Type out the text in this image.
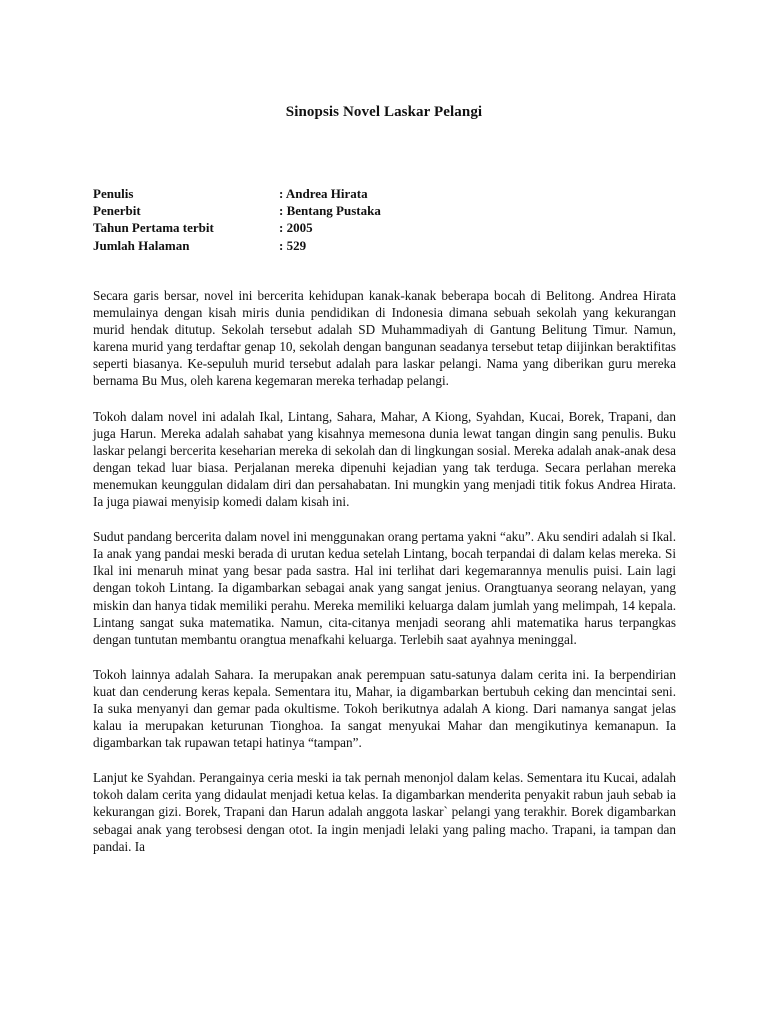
Sinopsis Novel Laskar Pelangi
Penulis	: Andrea Hirata
Penerbit	: Bentang Pustaka
Tahun Pertama terbit	: 2005
Jumlah Halaman	: 529

Secara garis bersar, novel ini bercerita kehidupan kanak-kanak beberapa bocah di Belitong. Andrea Hirata memulainya dengan kisah miris dunia pendidikan di Indonesia dimana sebuah sekolah yang kekurangan murid hendak ditutup. Sekolah tersebut adalah SD Muhammadiyah di Gantung Belitung Timur. Namun, karena murid yang terdaftar genap 10, sekolah dengan bangunan seadanya tersebut tetap diijinkan beraktifitas seperti biasanya. Ke-sepuluh murid tersebut adalah para laskar pelangi. Nama yang diberikan guru mereka bernama Bu Mus, oleh karena kegemaran mereka terhadap pelangi.

Tokoh dalam novel ini adalah Ikal, Lintang, Sahara, Mahar, A Kiong, Syahdan, Kucai, Borek, Trapani, dan juga Harun. Mereka adalah sahabat yang kisahnya memesona dunia lewat tangan dingin sang penulis. Buku laskar pelangi bercerita keseharian mereka di sekolah dan di lingkungan sosial. Mereka adalah anak-anak desa dengan tekad luar biasa. Perjalanan mereka dipenuhi kejadian yang tak terduga. Secara perlahan mereka menemukan keunggulan didalam diri dan persahabatan. Ini mungkin yang menjadi titik fokus Andrea Hirata. Ia juga piawai menyisip komedi dalam kisah ini.

Sudut pandang bercerita dalam novel ini menggunakan orang pertama yakni “aku”. Aku sendiri adalah si Ikal. Ia anak yang pandai meski berada di urutan kedua setelah Lintang, bocah terpandai di dalam kelas mereka. Si Ikal ini menaruh minat yang besar pada sastra. Hal ini terlihat dari kegemarannya menulis puisi. Lain lagi dengan tokoh Lintang. Ia digambarkan sebagai anak yang sangat jenius. Orangtuanya seorang nelayan, yang miskin dan hanya tidak memiliki perahu. Mereka memiliki keluarga dalam jumlah yang melimpah, 14 kepala. Lintang sangat suka matematika. Namun, cita-citanya menjadi seorang ahli matematika harus terpangkas dengan tuntutan membantu orangtua menafkahi keluarga. Terlebih saat ayahnya meninggal.

Tokoh lainnya adalah Sahara. Ia merupakan anak perempuan satu-satunya dalam cerita ini. Ia berpendirian kuat dan cenderung keras kepala. Sementara itu, Mahar, ia digambarkan bertubuh ceking dan mencintai seni. Ia suka menyanyi dan gemar pada okultisme. Tokoh berikutnya adalah A kiong. Dari namanya sangat jelas kalau ia merupakan keturunan Tionghoa. Ia sangat menyukai Mahar dan mengikutinya kemanapun. Ia digambarkan tak rupawan tetapi hatinya “tampan”.

Lanjut ke Syahdan. Perangainya ceria meski ia tak pernah menonjol dalam kelas. Sementara itu Kucai, adalah tokoh dalam cerita yang didaulat menjadi ketua kelas. Ia digambarkan menderita penyakit rabun jauh sebab ia kekurangan gizi. Borek, Trapani dan Harun adalah anggota laskar` pelangi yang terakhir. Borek digambarkan sebagai anak yang terobsesi dengan otot. Ia ingin menjadi lelaki yang paling macho. Trapani, ia tampan dan pandai. Ia
